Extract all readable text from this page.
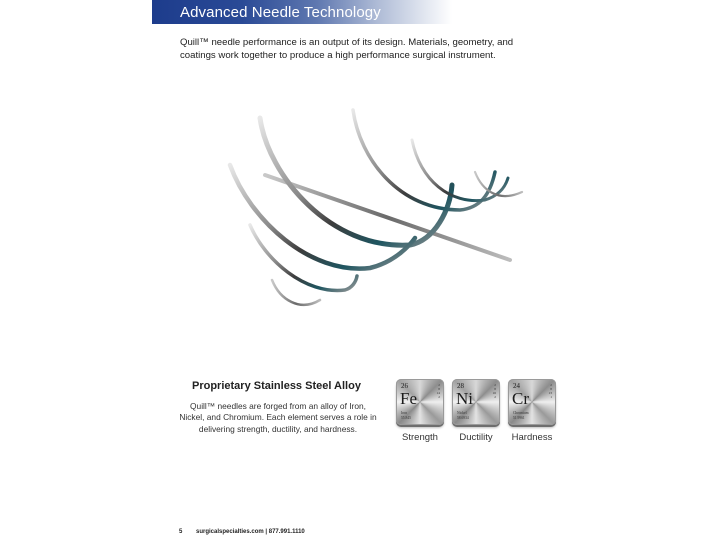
Advanced Needle Technology
Quill™ needle performance is an output of its design. Materials, geometry, and coatings work together to produce a high performance surgical instrument.
Proprietary Stainless Steel Alloy
Quill™ needles are forged from an alloy of Iron, Nickel, and Chromium. Each element serves a role in delivering strength, ductility, and hardness.
26
Fe
2
8
14
2
Iron
55.845
Strength
28
Ni
2
8
16
2
Nickel
58.6934
Ductility
24
Cr
2
8
13
1
Chromium
51.9961
Hardness
5 surgicalspecialties.com | 877.991.1110
